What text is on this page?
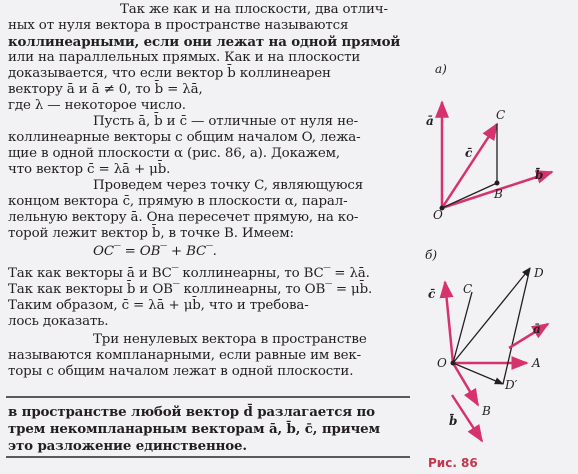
Так же как и на плоскости, два отлич-
ных от нуля вектора в пространстве называются
коллинеарными, если они лежат на одной прямой
или на параллельных прямых. Как и на плоскости
доказывается, что если вектор b̄ коллинеарен
вектору ā и ā ≠ 0, то b̄ = λā,
где λ — некоторое число.
Пусть ā, b̄ и c̄ — отличные от нуля не-
коллинеарные векторы с общим началом O, лежа-
щие в одной плоскости α (рис. 86, a). Докажем,
что вектор c̄ = λā + μb̄.
Проведем через точку C, являющуюся
концом вектора c̄, прямую в плоскости α, парал-
лельную вектору ā. Она пересечет прямую, на ко-
торой лежит вектор b̄, в точке B. Имеем:
OC‾ = OB‾ + BC‾.
Так как векторы ā и BC‾ коллинеарны, то BC‾ = λā.
Так как векторы b̄ и OB‾ коллинеарны, то OB‾ = μb̄.
Таким образом, c̄ = λā + μb̄, что и требова-
лось доказать.
Три ненулевых вектора в пространстве
называются компланарными, если равные им век-
торы с общим началом лежат в одной плоскости.
в пространстве любой вектор d̄ разлагается по
трем некомпланарным векторам ā, b̄, c̄, причем
это разложение единственное.
a)
ā
c̄
C
b̄
B
O
б)
c̄ C
D
ā
O	A
D′
B
b̄
Рис. 86
